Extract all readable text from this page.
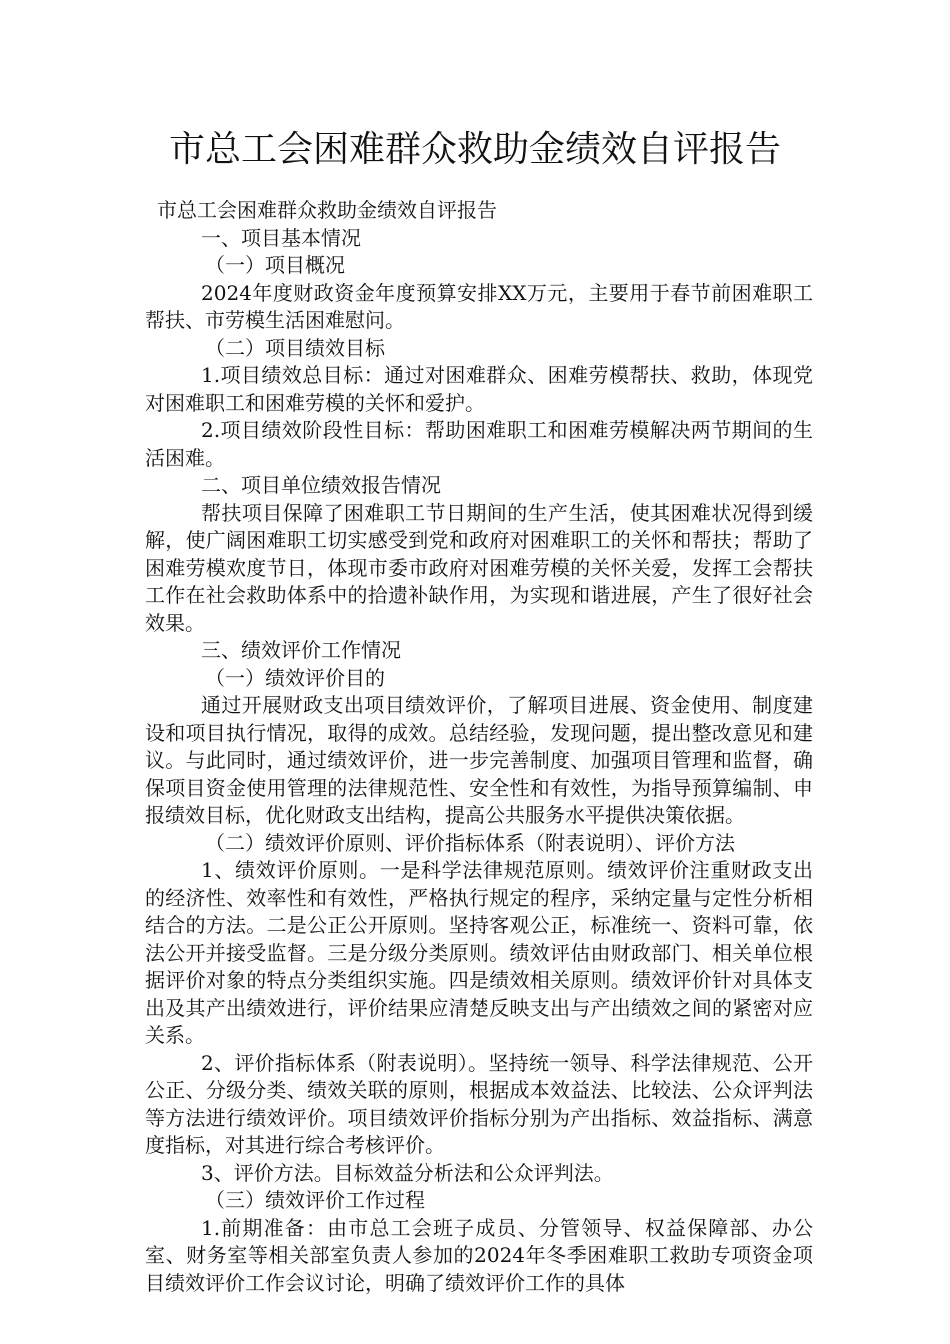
市总工会困难群众救助金绩效自评报告

市总工会困难群众救助金绩效自评报告

一、项目基本情况

（一）项目概况

2024年度财政资金年度预算安排XX万元，主要用于春节前困难职工帮扶、市劳模生活困难慰问。

（二）项目绩效目标

1.项目绩效总目标：通过对困难群众、困难劳模帮扶、救助，体现党对困难职工和困难劳模的关怀和爱护。

2.项目绩效阶段性目标：帮助困难职工和困难劳模解决两节期间的生活困难。

二、项目单位绩效报告情况

帮扶项目保障了困难职工节日期间的生产生活，使其困难状况得到缓解，使广阔困难职工切实感受到党和政府对困难职工的关怀和帮扶；帮助了困难劳模欢度节日，体现市委市政府对困难劳模的关怀关爱，发挥工会帮扶工作在社会救助体系中的拾遗补缺作用，为实现和谐进展，产生了很好社会效果。

三、绩效评价工作情况

（一）绩效评价目的

通过开展财政支出项目绩效评价，了解项目进展、资金使用、制度建设和项目执行情况，取得的成效。总结经验，发现问题，提出整改意见和建议。与此同时，通过绩效评价，进一步完善制度、加强项目管理和监督，确保项目资金使用管理的法律规范性、安全性和有效性，为指导预算编制、申报绩效目标，优化财政支出结构，提高公共服务水平提供决策依据。

（二）绩效评价原则、评价指标体系（附表说明）、评价方法

1、绩效评价原则。一是科学法律规范原则。绩效评价注重财政支出的经济性、效率性和有效性，严格执行规定的程序，采纳定量与定性分析相结合的方法。二是公正公开原则。坚持客观公正，标准统一、资料可靠，依法公开并接受监督。三是分级分类原则。绩效评估由财政部门、相关单位根据评价对象的特点分类组织实施。四是绩效相关原则。绩效评价针对具体支出及其产出绩效进行，评价结果应清楚反映支出与产出绩效之间的紧密对应关系。

2、评价指标体系（附表说明）。坚持统一领导、科学法律规范、公开公正、分级分类、绩效关联的原则，根据成本效益法、比较法、公众评判法等方法进行绩效评价。项目绩效评价指标分别为产出指标、效益指标、满意度指标，对其进行综合考核评价。

3、评价方法。目标效益分析法和公众评判法。

（三）绩效评价工作过程

1.前期准备：由市总工会班子成员、分管领导、权益保障部、办公室、财务室等相关部室负责人参加的2024年冬季困难职工救助专项资金项目绩效评价工作会议讨论，明确了绩效评价工作的具体
